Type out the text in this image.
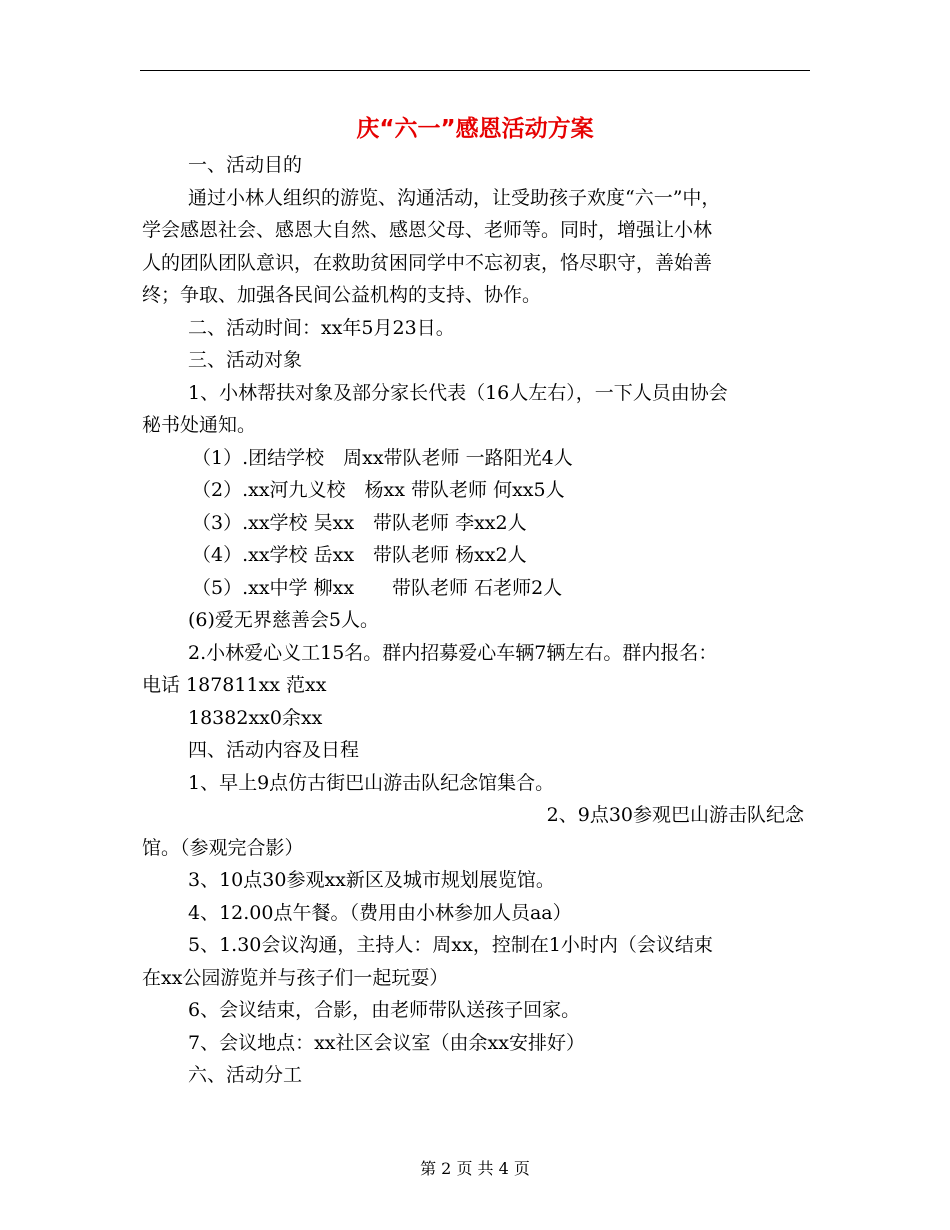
庆“六一”感恩活动方案
一、活动目的
通过小林人组织的游览、沟通活动，让受助孩子欢度“六一”中，
学会感恩社会、感恩大自然、感恩父母、老师等。同时，增强让小林
人的团队团队意识，在救助贫困同学中不忘初衷，恪尽职守，善始善
终；争取、加强各民间公益机构的支持、协作。
二、活动时间：xx年5月23日。
三、活动对象
1、小林帮扶对象及部分家长代表（16人左右），一下人员由协会
秘书处通知。
（1）.团结学校　周xx带队老师 一路阳光4人
（2）.xx河九义校　杨xx 带队老师 何xx5人
（3）.xx学校 吴xx　带队老师 李xx2人
（4）.xx学校 岳xx　带队老师 杨xx2人
（5）.xx中学 柳xx　　带队老师 石老师2人
(6)爱无界慈善会5人。
2.小林爱心义工15名。群内招募爱心车辆7辆左右。群内报名：
电话 187811xx 范xx
18382xx0余xx
四、活动内容及日程
1、早上9点仿古街巴山游击队纪念馆集合。
2、9点30参观巴山游击队纪念
馆。（参观完合影）
3、10点30参观xx新区及城市规划展览馆。
4、12.00点午餐。（费用由小林参加人员aa）
5、1.30会议沟通，主持人：周xx，控制在1小时内（会议结束
在xx公园游览并与孩子们一起玩耍）
6、会议结束，合影，由老师带队送孩子回家。
7、会议地点：xx社区会议室（由余xx安排好）
六、活动分工
第 2 页 共 4 页
